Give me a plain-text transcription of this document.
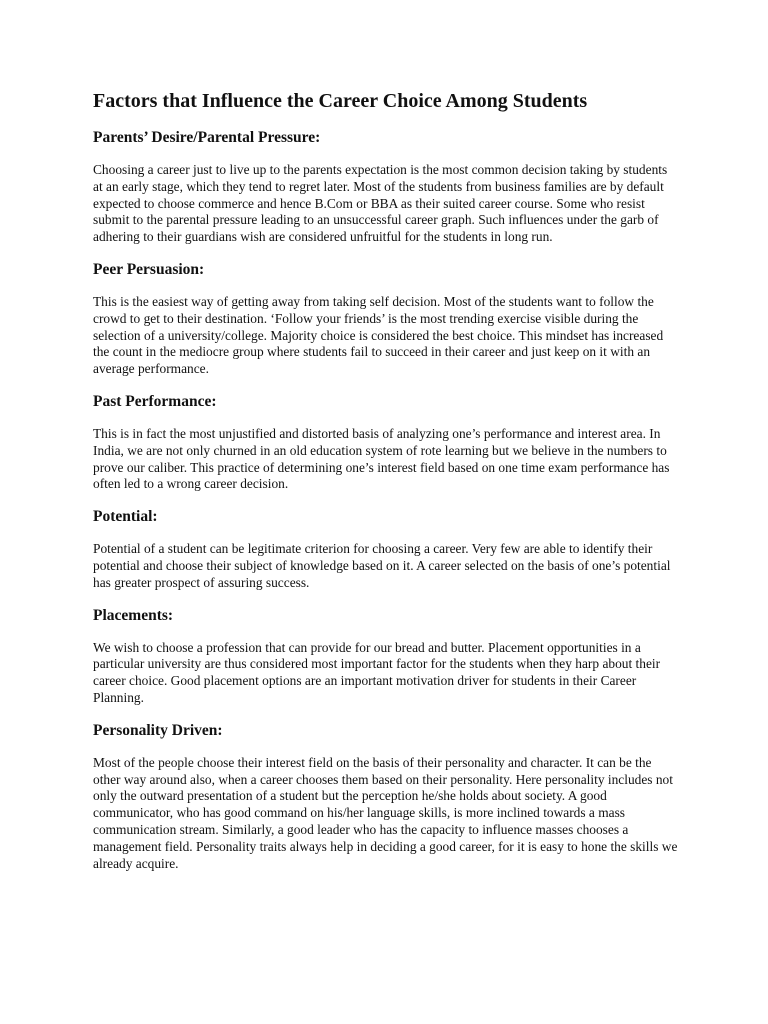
Factors that Influence the Career Choice Among Students
Parents’ Desire/Parental Pressure:

Choosing a career just to live up to the parents expectation is the most common decision taking by students at an early stage, which they tend to regret later. Most of the students from business families are by default expected to choose commerce and hence B.Com or BBA as their suited career course. Some who resist submit to the parental pressure leading to an unsuccessful career graph. Such influences under the garb of adhering to their guardians wish are considered unfruitful for the students in long run.

Peer Persuasion:

This is the easiest way of getting away from taking self decision. Most of the students want to follow the crowd to get to their destination. ‘Follow your friends’ is the most trending exercise visible during the selection of a university/college. Majority choice is considered the best choice. This mindset has increased the count in the mediocre group where students fail to succeed in their career and just keep on it with an average performance.

Past Performance:

This is in fact the most unjustified and distorted basis of analyzing one’s performance and interest area. In India, we are not only churned in an old education system of rote learning but we believe in the numbers to prove our caliber. This practice of determining one’s interest field based on one time exam performance has often led to a wrong career decision.

Potential:

Potential of a student can be legitimate criterion for choosing a career. Very few are able to identify their potential and choose their subject of knowledge based on it. A career selected on the basis of one’s potential has greater prospect of assuring success.

Placements:

We wish to choose a profession that can provide for our bread and butter. Placement opportunities in a particular university are thus considered most important factor for the students when they harp about their career choice. Good placement options are an important motivation driver for students in their Career Planning.

Personality Driven:

Most of the people choose their interest field on the basis of their personality and character. It can be the other way around also, when a career chooses them based on their personality. Here personality includes not only the outward presentation of a student but the perception he/she holds about society. A good communicator, who has good command on his/her language skills, is more inclined towards a mass communication stream. Similarly, a good leader who has the capacity to influence masses chooses a management field. Personality traits always help in deciding a good career, for it is easy to hone the skills we already acquire.
